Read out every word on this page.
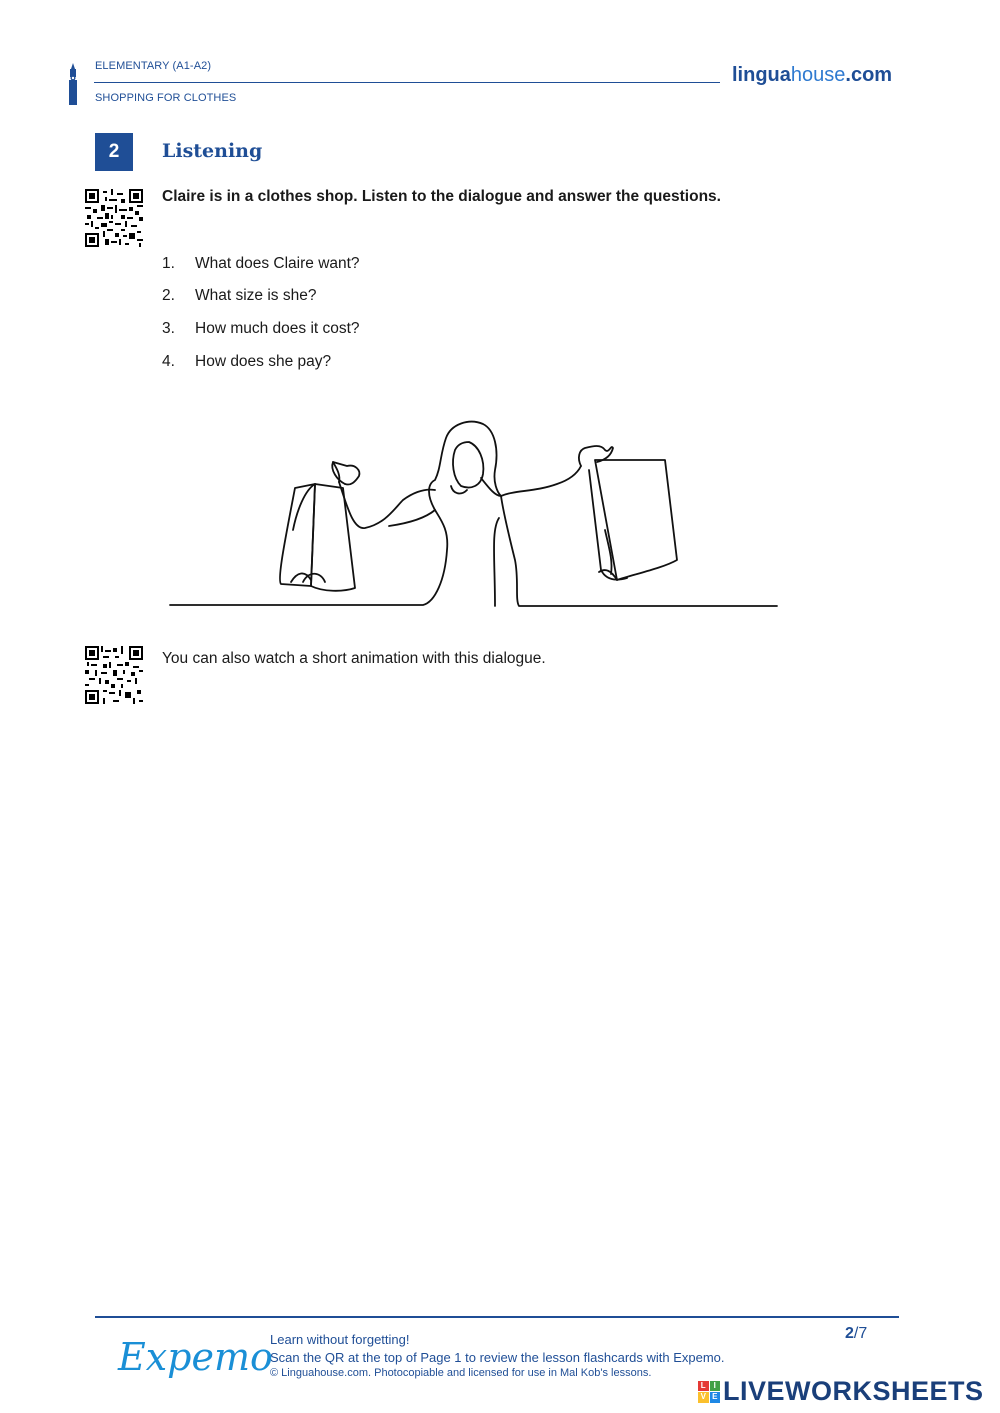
ELEMENTARY (A1-A2)
SHOPPING FOR CLOTHES
linguahouse.com
2	Listening
Claire is in a clothes shop. Listen to the dialogue and answer the questions.
1.	What does Claire want?
2.	What size is she?
3.	How much does it cost?
4.	How does she pay?
You can also watch a short animation with this dialogue.
Expemo
Learn without forgetting!
Scan the QR at the top of Page 1 to review the lesson flashcards with Expemo.
© Linguahouse.com. Photocopiable and licensed for use in Mal Kob's lessons.
2/7
L I
V E LIVEWORKSHEETS
